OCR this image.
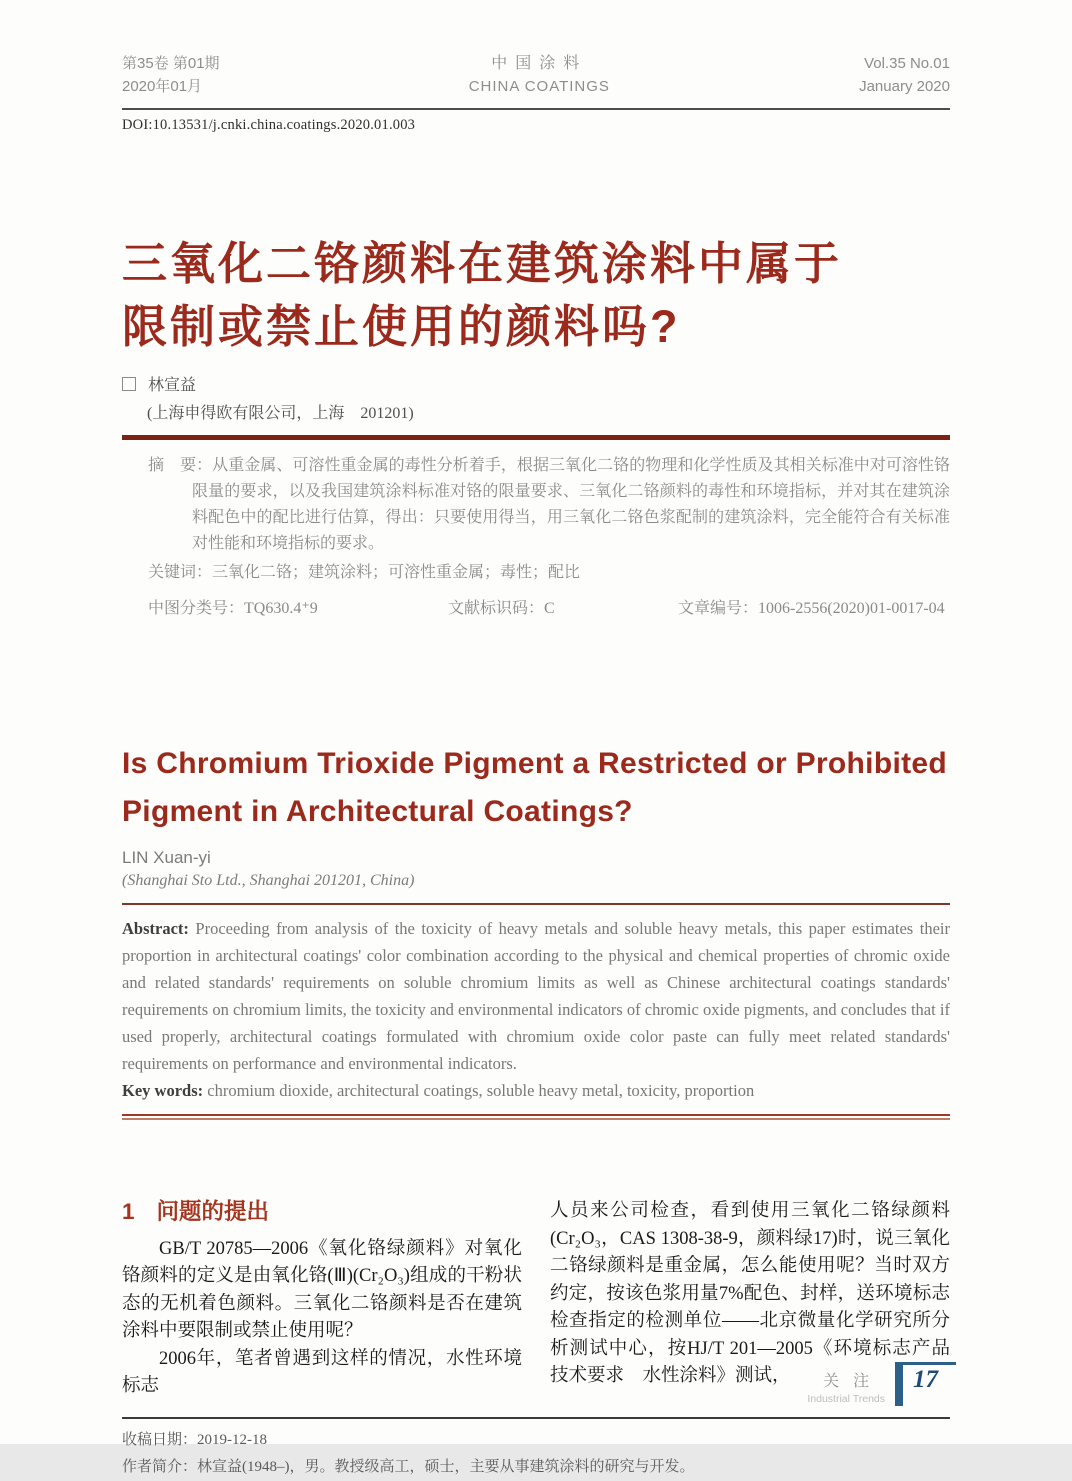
第35卷 第01期
2020年01月
中国涂料
CHINA COATINGS
Vol.35 No.01
January 2020
DOI:10.13531/j.cnki.china.coatings.2020.01.003
三氧化二铬颜料在建筑涂料中属于
限制或禁止使用的颜料吗?
林宣益
(上海申得欧有限公司，上海　201201)
摘　要：从重金属、可溶性重金属的毒性分析着手，根据三氧化二铬的物理和化学性质及其相关标准中对可溶性铬限量的要求，以及我国建筑涂料标准对铬的限量要求、三氧化二铬颜料的毒性和环境指标，并对其在建筑涂料配色中的配比进行估算，得出：只要使用得当，用三氧化二铬色浆配制的建筑涂料，完全能符合有关标准对性能和环境指标的要求。
关键词：三氧化二铬；建筑涂料；可溶性重金属；毒性；配比
中图分类号：TQ630.4⁺9	文献标识码：C	文章编号：1006-2556(2020)01-0017-04
Is Chromium Trioxide Pigment a Restricted or Prohibited
Pigment in Architectural Coatings?
LIN Xuan-yi
(Shanghai Sto Ltd., Shanghai 201201, China)
Abstract: Proceeding from analysis of the toxicity of heavy metals and soluble heavy metals, this paper estimates their proportion in architectural coatings' color combination according to the physical and chemical properties of chromic oxide and related standards' requirements on soluble chromium limits as well as Chinese architectural coatings standards' requirements on chromium limits, the toxicity and environmental indicators of chromic oxide pigments, and concludes that if used properly, architectural coatings formulated with chromium oxide color paste can fully meet related standards' requirements on performance and environmental indicators.
Key words: chromium dioxide, architectural coatings, soluble heavy metal, toxicity, proportion
1 问题的提出

GB/T 20785—2006《氧化铬绿颜料》对氧化铬颜料的定义是由氧化铬(Ⅲ)(Cr₂O₃)组成的干粉状态的无机着色颜料。三氧化二铬颜料是否在建筑涂料中要限制或禁止使用呢？

2006年，笔者曾遇到这样的情况，水性环境标志

人员来公司检查，看到使用三氧化二铬绿颜料(Cr₂O₃，CAS 1308-38-9，颜料绿17)时，说三氧化二铬绿颜料是重金属，怎么能使用呢？当时双方约定，按该色浆用量7%配色、封样，送环境标志检查指定的检测单位——北京微量化学研究所分析测试中心，按HJ/T 201—2005《环境标志产品技术要求　水性涂料》测试，

收稿日期：2019-12-18
作者简介：林宣益(1948–)，男。教授级高工，硕士，主要从事建筑涂料的研究与开发。
关注
Industrial Trends
17
